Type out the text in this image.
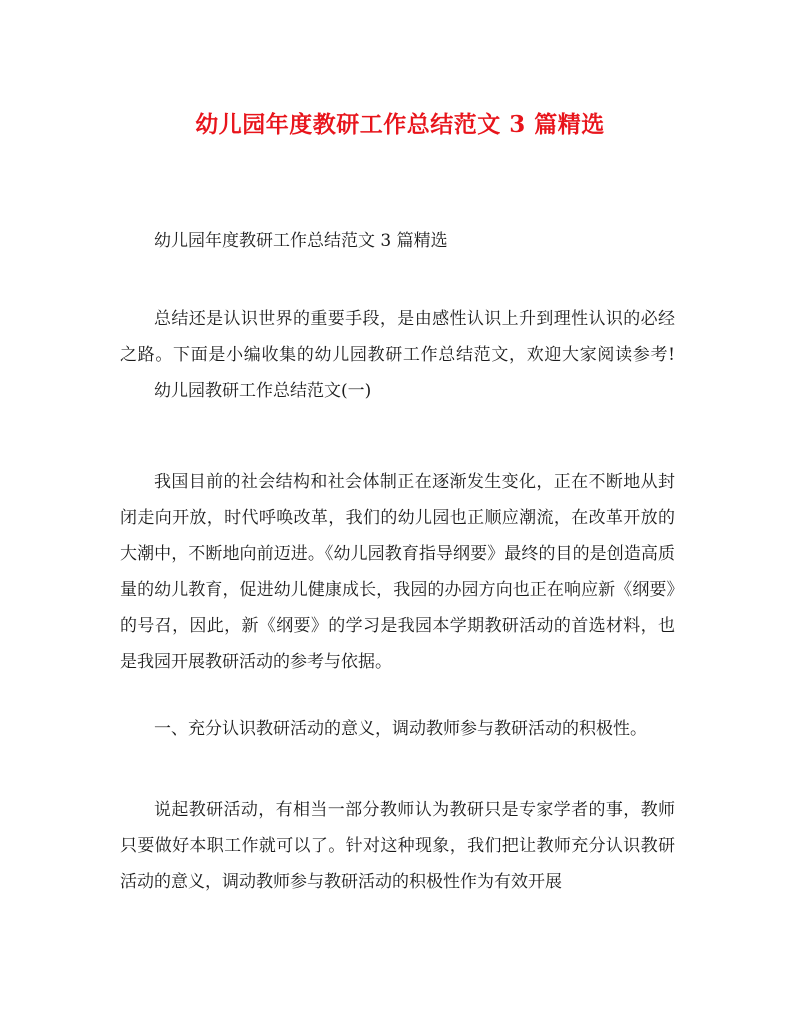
幼儿园年度教研工作总结范文 3 篇精选

幼儿园年度教研工作总结范文 3 篇精选

总结还是认识世界的重要手段，是由感性认识上升到理性认识的必经之路。下面是小编收集的幼儿园教研工作总结范文，欢迎大家阅读参考!幼儿园教研工作总结范文(一)

我国目前的社会结构和社会体制正在逐渐发生变化，正在不断地从封闭走向开放，时代呼唤改革，我们的幼儿园也正顺应潮流，在改革开放的大潮中，不断地向前迈进。《幼儿园教育指导纲要》最终的目的是创造高质量的幼儿教育，促进幼儿健康成长，我园的办园方向也正在响应新《纲要》的号召，因此，新《纲要》的学习是我园本学期教研活动的首选材料，也是我园开展教研活动的参考与依据。

一、充分认识教研活动的意义，调动教师参与教研活动的积极性。

说起教研活动，有相当一部分教师认为教研只是专家学者的事，教师只要做好本职工作就可以了。针对这种现象，我们把让教师充分认识教研活动的意义，调动教师参与教研活动的积极性作为有效开展
